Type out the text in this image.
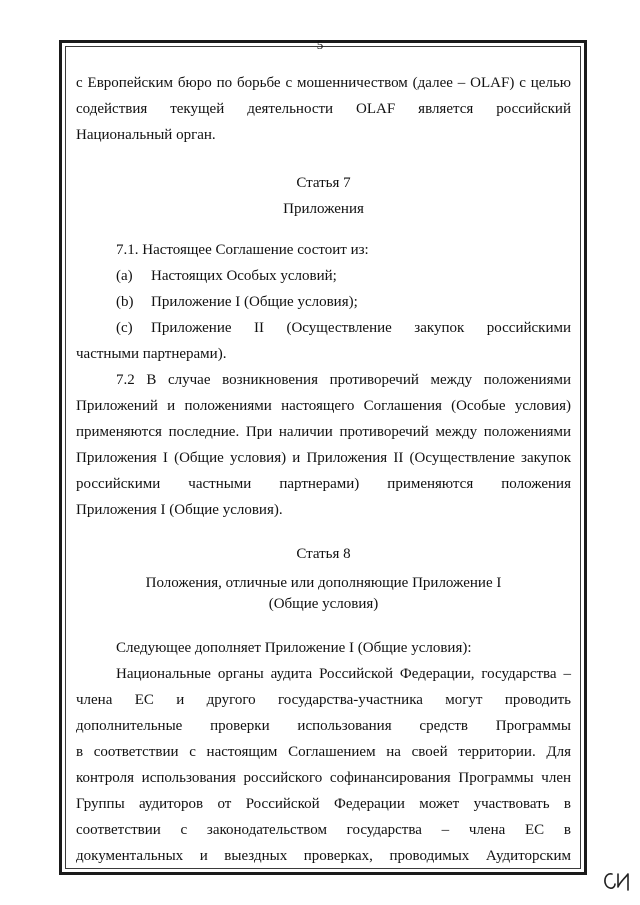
5

с Европейским бюро по борьбе с мошенничеством (далее – OLAF) с целью

содействия текущей деятельности OLAF является российский

Национальный орган.

Статья 7

Приложения

7.1. Настоящее Соглашение состоит из:

(a)	Настоящих Особых условий;
(b)	Приложение I (Общие условия);
(c)	Приложение II (Осуществление закупок российскими

частными партнерами).

7.2 В случае возникновения противоречий между положениями

Приложений и положениями настоящего Соглашения (Особые условия)

применяются последние. При наличии противоречий между положениями

Приложения I (Общие условия) и Приложения II (Осуществление закупок

российскими частными партнерами) применяются положения

Приложения I (Общие условия).

Статья 8

Положения, отличные или дополняющие Приложение I

(Общие условия)

Следующее дополняет Приложение I (Общие условия):

Национальные органы аудита Российской Федерации, государства –

члена ЕС и другого государства-участника могут проводить

дополнительные проверки использования средств Программы

в соответствии с настоящим Соглашением на своей территории. Для

контроля использования российского софинансирования Программы член

Группы аудиторов от Российской Федерации может участвовать в

соответствии с законодательством государства – члена ЕС в

документальных и выездных проверках, проводимых Аудиторским
